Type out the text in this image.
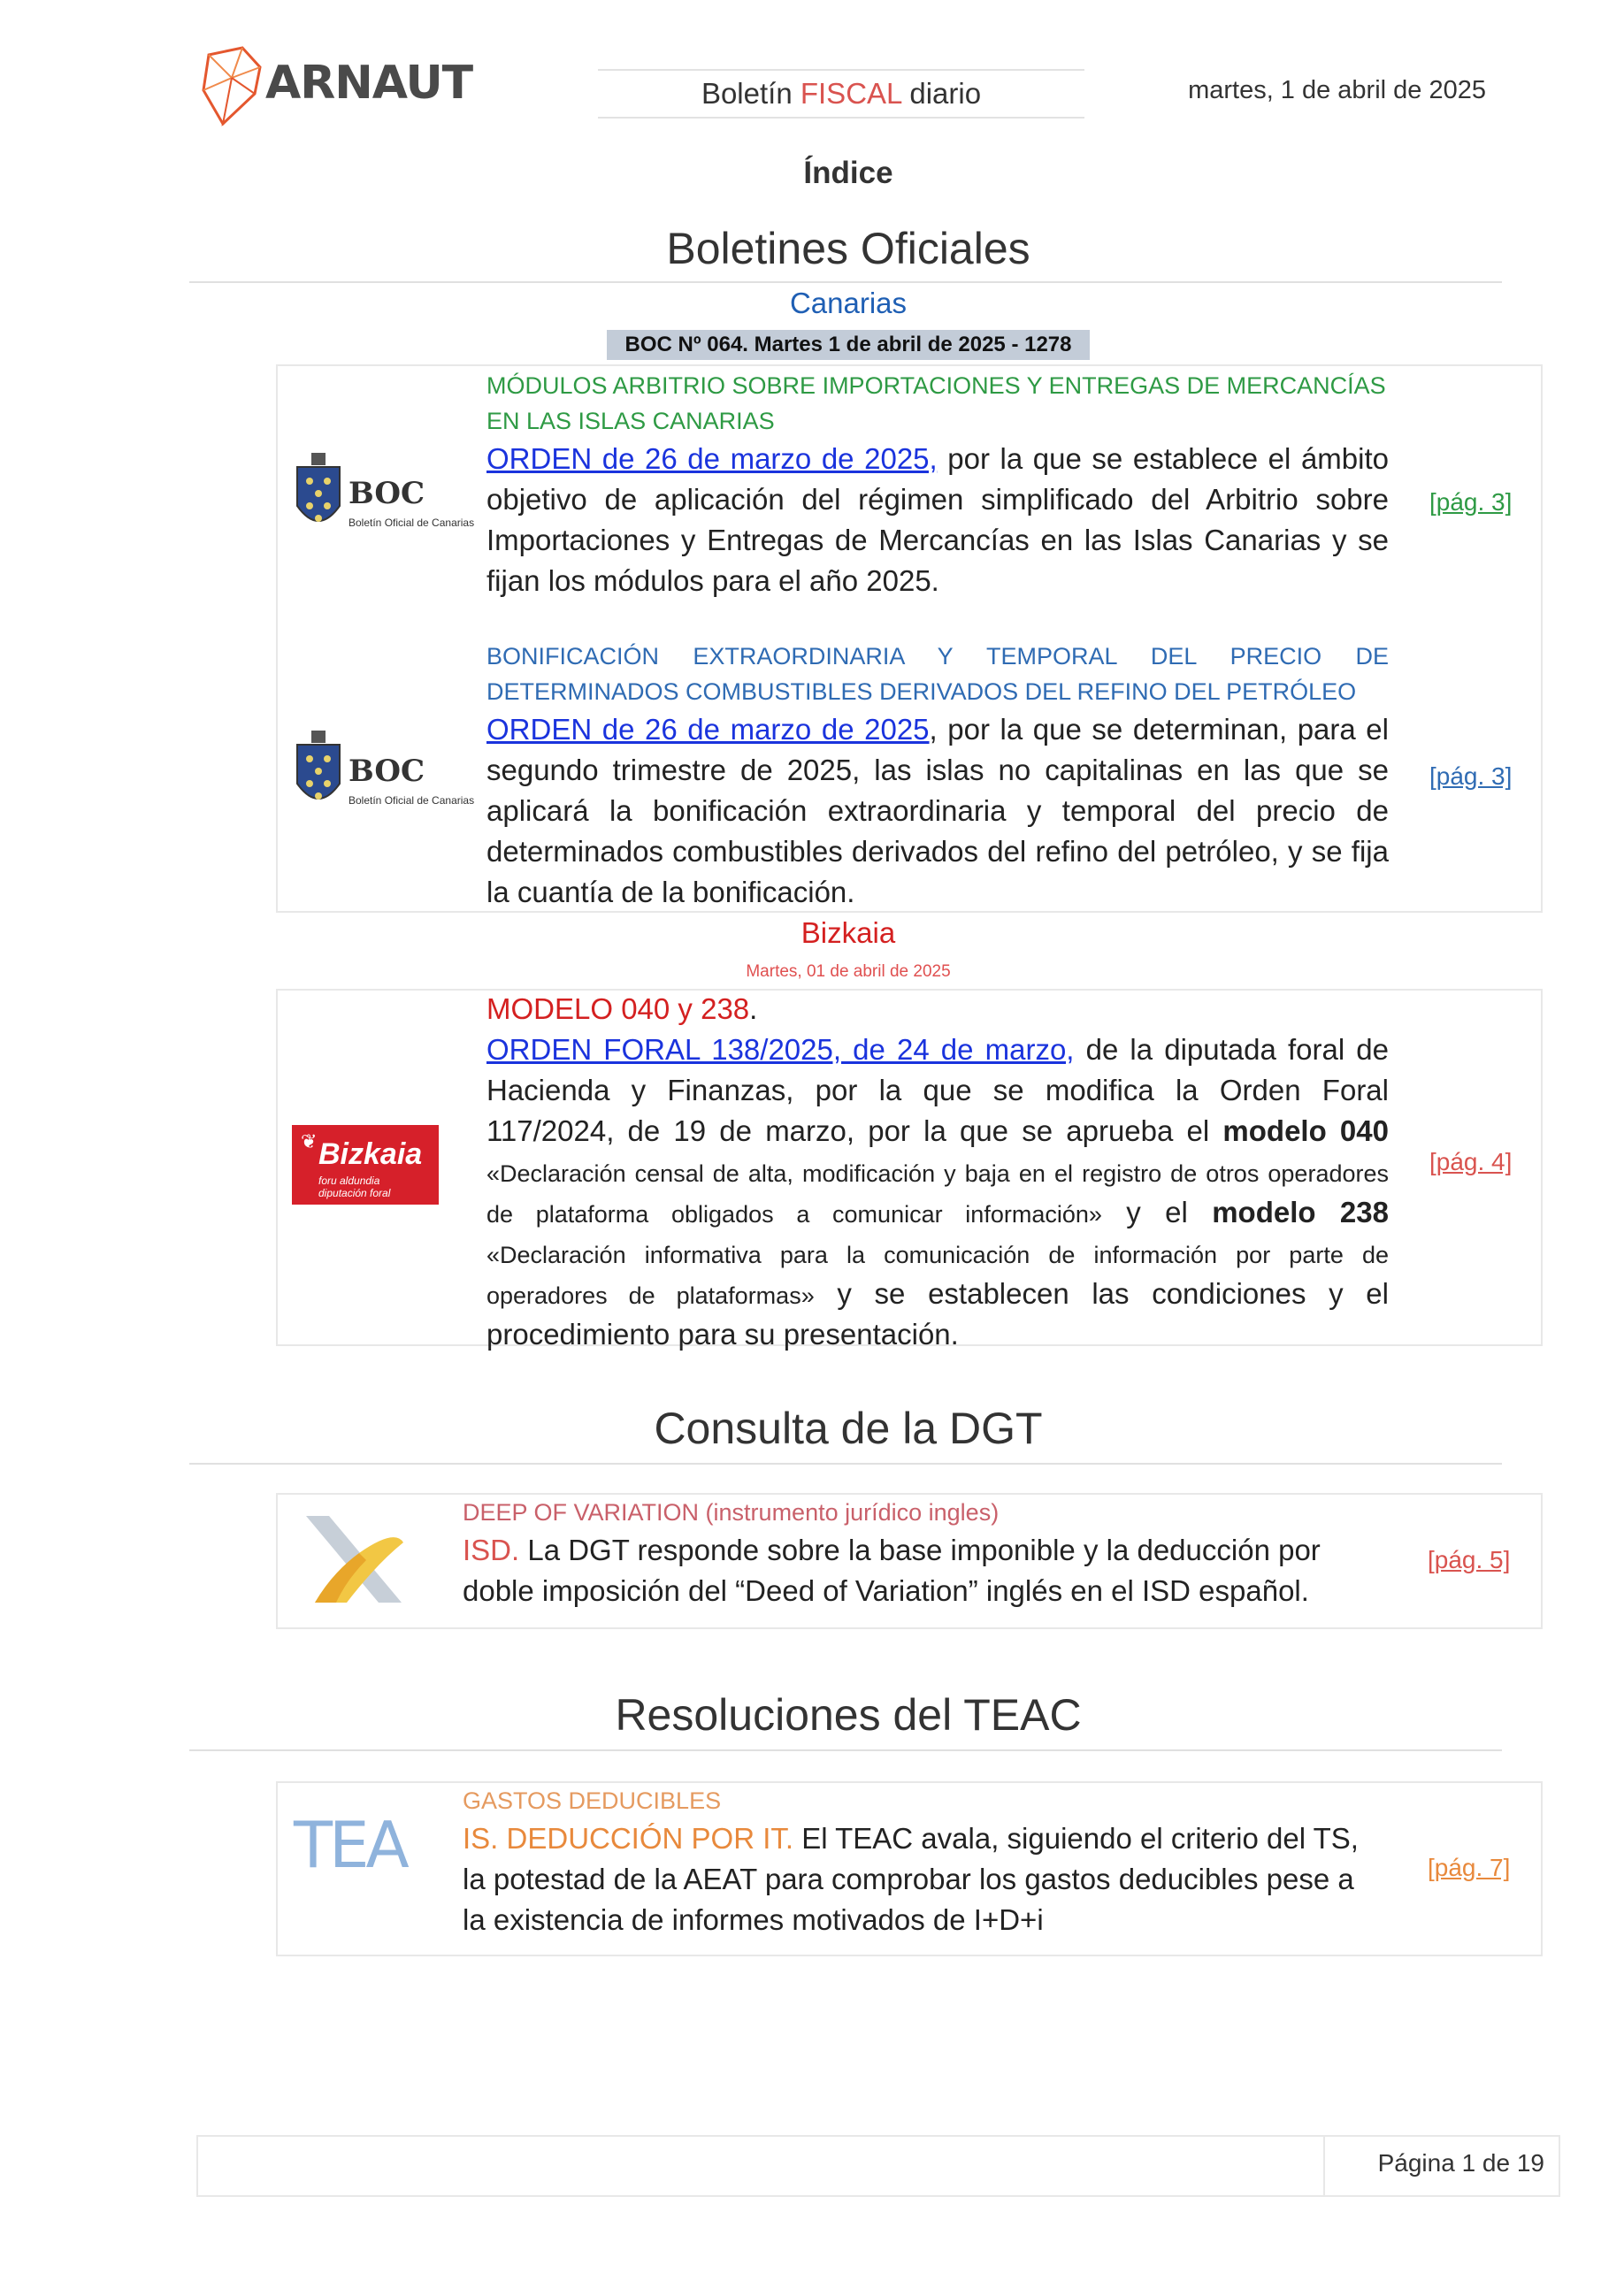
ARNAUT	Boletín FISCAL diario	martes, 1 de abril de 2025
Índice
Boletines Oficiales
Canarias
BOC Nº 064. Martes 1 de abril de 2025 - 1278
BOC
Boletín Oficial de Canarias
MÓDULOS ARBITRIO SOBRE IMPORTACIONES Y ENTREGAS DE MERCANCÍAS EN LAS ISLAS CANARIAS
ORDEN de 26 de marzo de 2025, por la que se establece el ámbito objetivo de aplicación del régimen simplificado del Arbitrio sobre Importaciones y Entregas de Mercancías en las Islas Canarias y se fijan los módulos para el año 2025.
[pág. 3]
BOC
Boletín Oficial de Canarias
BONIFICACIÓN EXTRAORDINARIA Y TEMPORAL DEL PRECIO DE DETERMINADOS COMBUSTIBLES DERIVADOS DEL REFINO DEL PETRÓLEO
ORDEN de 26 de marzo de 2025, por la que se determinan, para el segundo trimestre de 2025, las islas no capitalinas en las que se aplicará la bonificación extraordinaria y temporal del precio de determinados combustibles derivados del refino del petróleo, y se fija la cuantía de la bonificación.
[pág. 3]
Bizkaia
Martes, 01 de abril de 2025
❦ Bizkaia
foru aldundia
diputación foral
MODELO 040 y 238.
ORDEN FORAL 138/2025, de 24 de marzo, de la diputada foral de Hacienda y Finanzas, por la que se modifica la Orden Foral 117/2024, de 19 de marzo, por la que se aprueba el modelo 040 «Declaración censal de alta, modificación y baja en el registro de otros operadores de plataforma obligados a comunicar información» y el modelo 238 «Declaración informativa para la comunicación de información por parte de operadores de plataformas» y se establecen las condiciones y el procedimiento para su presentación.
[pág. 4]
Consulta de la DGT
DEEP OF VARIATION (instrumento jurídico ingles)
ISD. La DGT responde sobre la base imponible y la deducción por doble imposición del “Deed of Variation” inglés en el ISD español.
[pág. 5]
Resoluciones del TEAC
TEA
GASTOS DEDUCIBLES
IS. DEDUCCIÓN POR IT. El TEAC avala, siguiendo el criterio del TS, la potestad de la AEAT para comprobar los gastos deducibles pese a la existencia de informes motivados de I+D+i
[pág. 7]
Página 1 de 19
